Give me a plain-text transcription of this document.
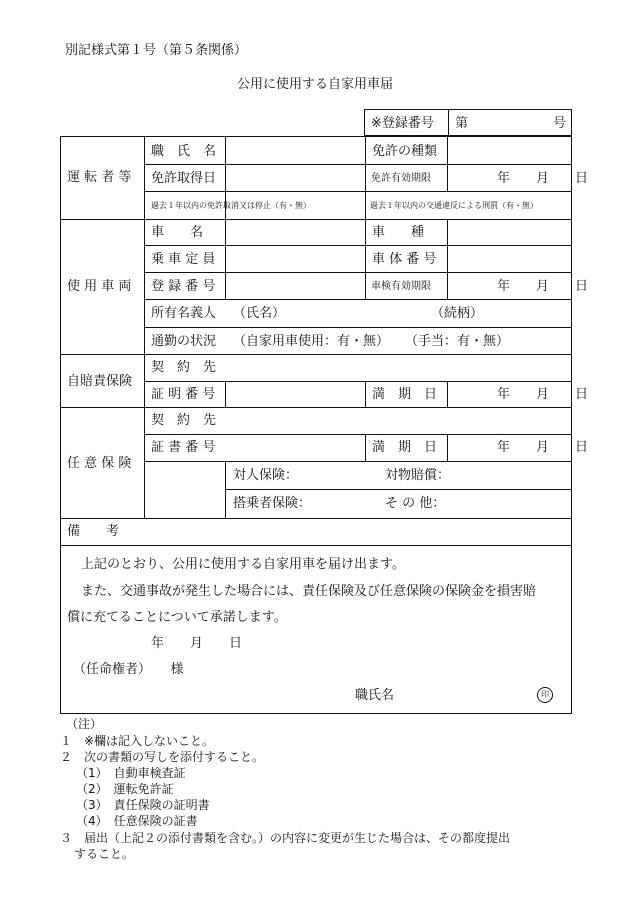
別記様式第１号（第５条関係）
公用に使用する自家用車届
※登録番号 第	号
運 転 者 等
職　氏　名	免許の種類
免許取得日	免許有効期限	年　　月　　日
過去１年以内の免許取消又は停止（有・無）	過去１年以内の交通違反による刑罰（有・無）
使 用 車 両
車　　名	車　　種
乗 車 定 員	車 体 番 号
登 録 番 号	車検有効期限	年　　月　　日
所有名義人 （氏名）	（続柄）
通勤の状況 （自家用車使用：有・無） （手当：有・無）
自賠責保険
契　約　先
証 明 番 号	満　期　日	年　　月　　日
任 意 保 険
契　約　先
証 書 番 号	満　期　日	年　　月　　日
対人保険：	対物賠償：
搭乗者保険：	そ の 他：
備　　考
上記のとおり、公用に使用する自家用車を届け出ます。
また、交通事故が発生した場合には、責任保険及び任意保険の保険金を損害賠
償に充てることについて承諾します。
年　　月　　日
（任命権者）　　様
職氏名	印
（注）
１　※欄は記入しないこと。
２　次の書類の写しを添付すること。
（1）　自動車検査証
（2）　運転免許証
（3）　責任保険の証明書
（4）　任意保険の証書
３　届出（上記２の添付書類を含む。）の内容に変更が生じた場合は、その都度提出
すること。
